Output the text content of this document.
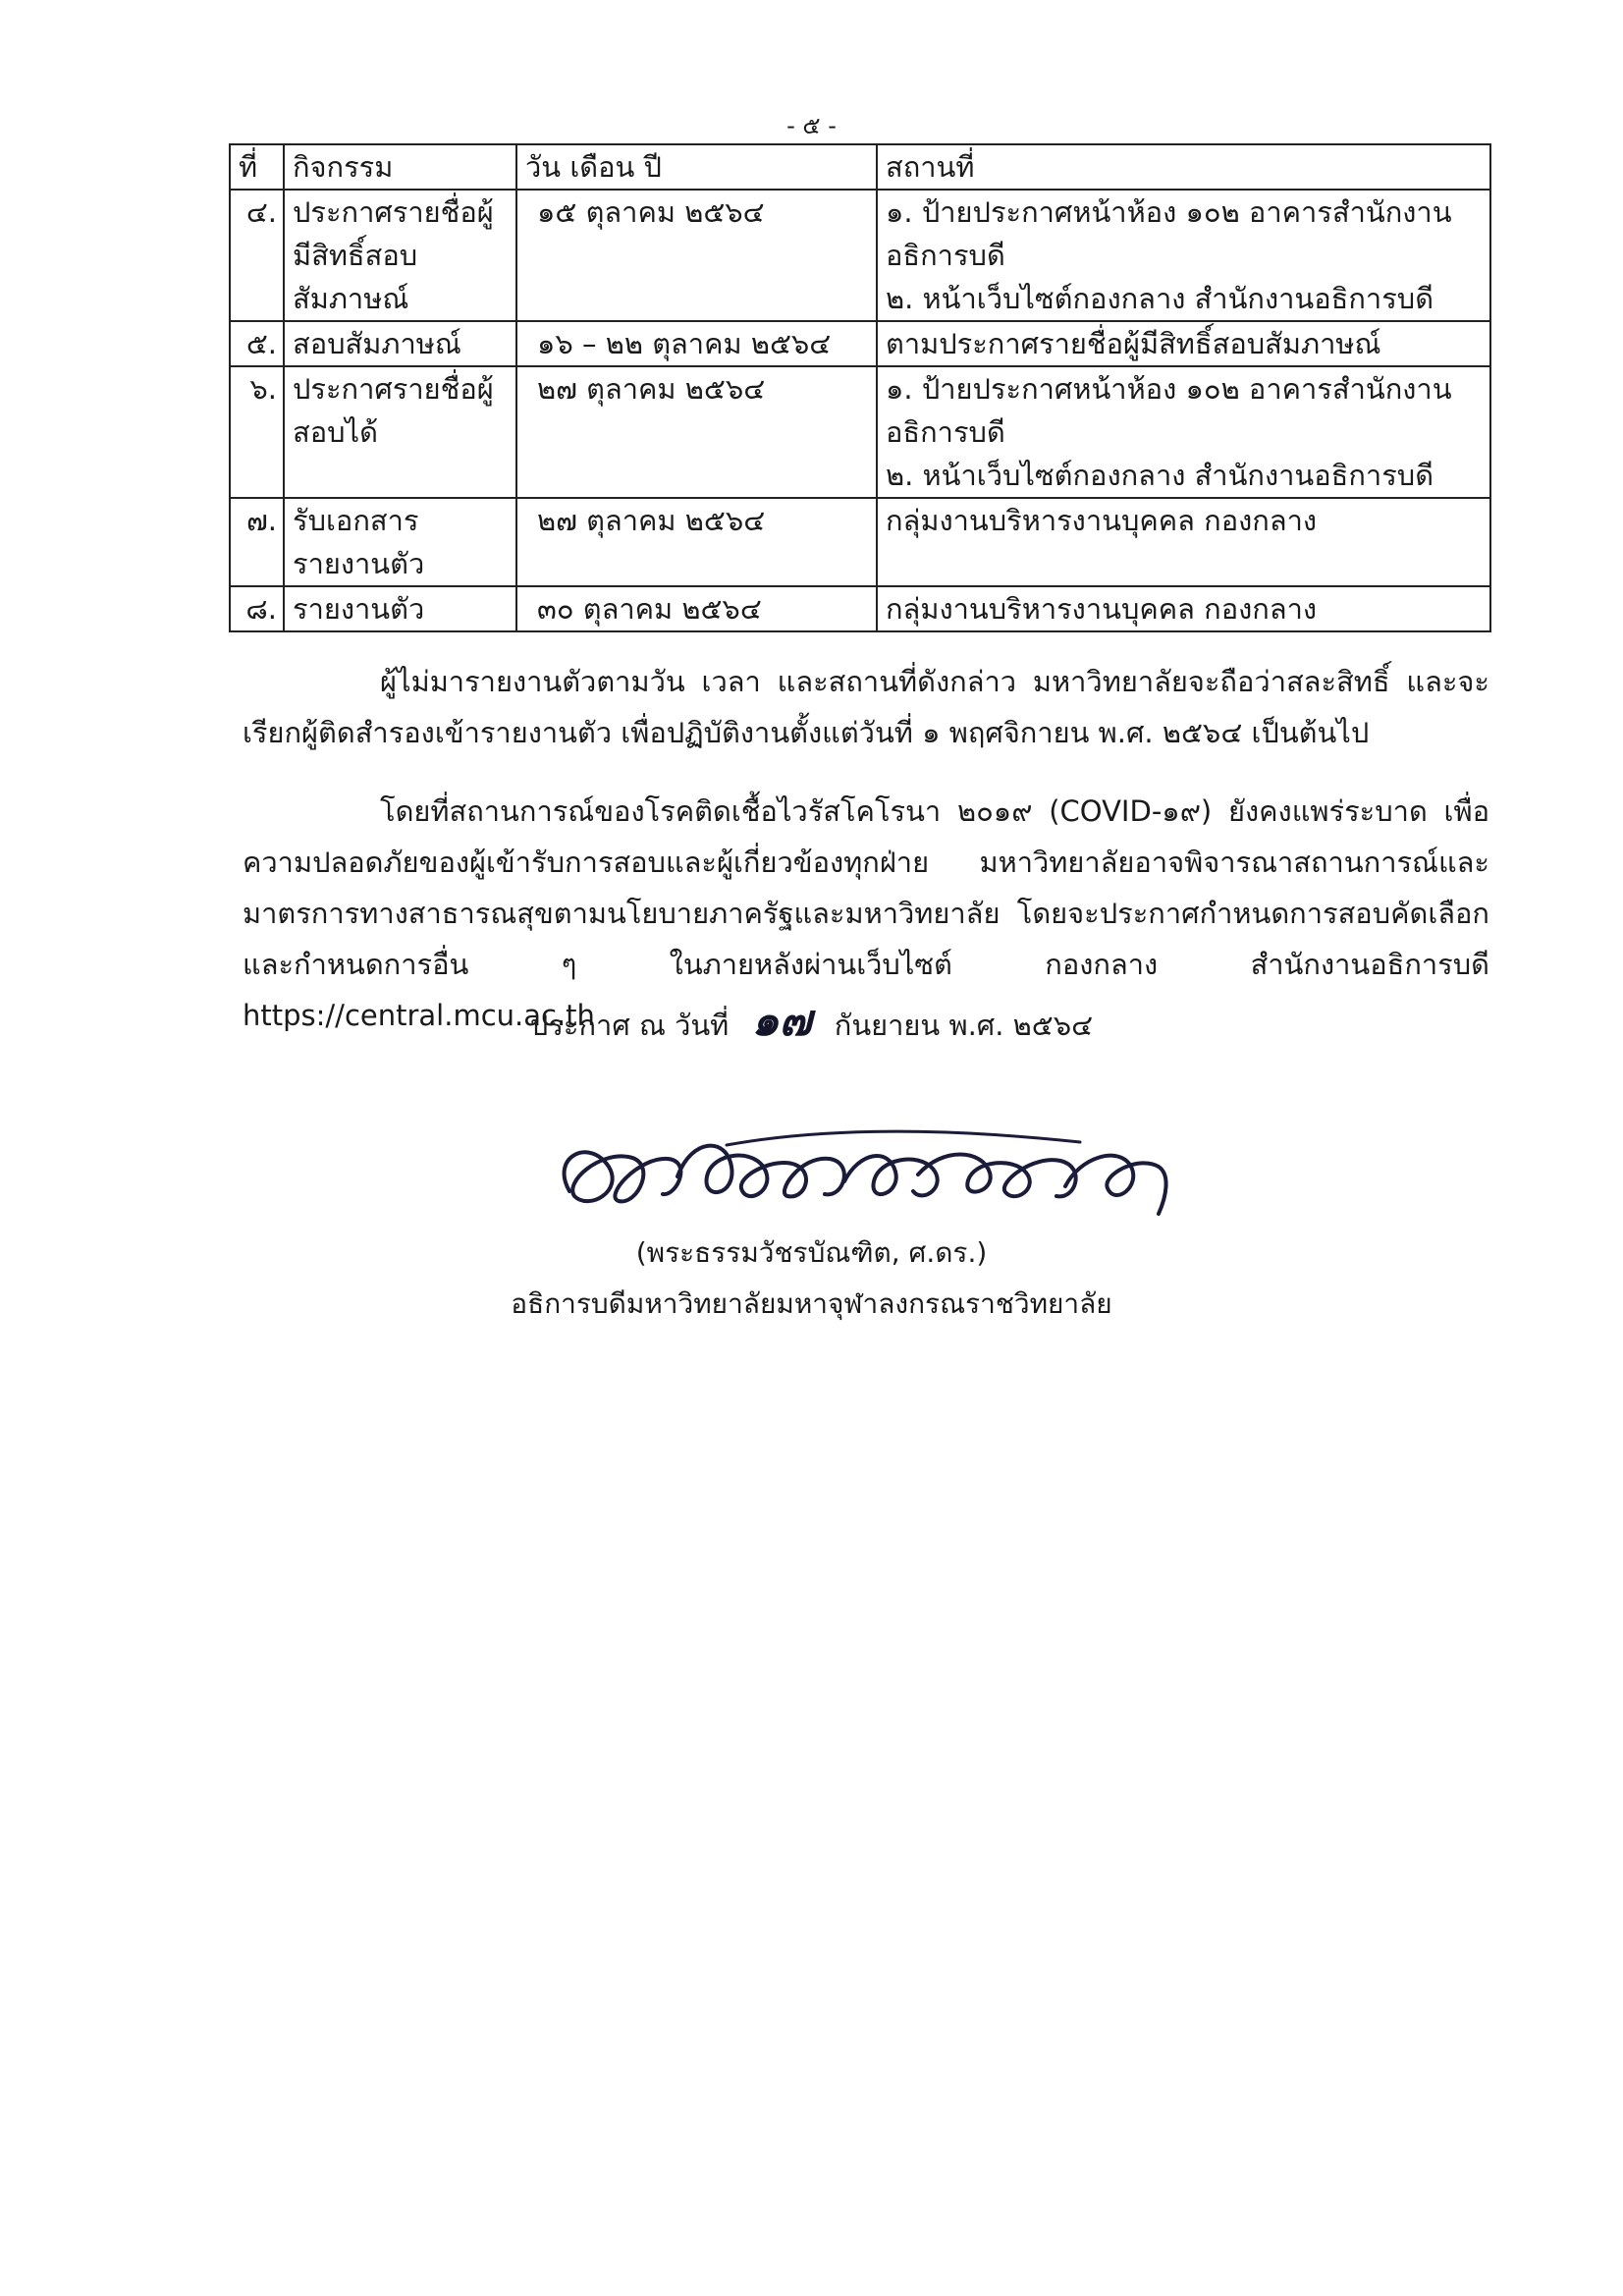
- ๕ -
ที่	กิจกรรม	วัน เดือน ปี	สถานที่
๔.	ประกาศรายชื่อผู้มีสิทธิ์สอบสัมภาษณ์	๑๕ ตุลาคม ๒๕๖๔	๑. ป้ายประกาศหน้าห้อง ๑๐๒ อาคารสำนักงานอธิการบดี
๒. หน้าเว็บไซต์กองกลาง สำนักงานอธิการบดี

๕.	สอบสัมภาษณ์	๑๖ – ๒๒ ตุลาคม ๒๕๖๔	ตามประกาศรายชื่อผู้มีสิทธิ์สอบสัมภาษณ์

๖.	ประกาศรายชื่อผู้สอบได้	๒๗ ตุลาคม ๒๕๖๔	๑. ป้ายประกาศหน้าห้อง ๑๐๒ อาคารสำนักงานอธิการบดี
๒. หน้าเว็บไซต์กองกลาง สำนักงานอธิการบดี

๗.	รับเอกสารรายงานตัว	๒๗ ตุลาคม ๒๕๖๔	กลุ่มงานบริหารงานบุคคล กองกลาง

๘.	รายงานตัว	๓๐ ตุลาคม ๒๕๖๔	กลุ่มงานบริหารงานบุคคล กองกลาง
ผู้ไม่มารายงานตัวตามวัน เวลา และสถานที่ดังกล่าว มหาวิทยาลัยจะถือว่าสละสิทธิ์ และจะเรียกผู้ติดสำรองเข้ารายงานตัว เพื่อปฏิบัติงานตั้งแต่วันที่ ๑ พฤศจิกายน พ.ศ. ๒๕๖๔ เป็นต้นไป
โดยที่สถานการณ์ของโรคติดเชื้อไวรัสโคโรนา ๒๐๑๙ (COVID-๑๙) ยังคงแพร่ระบาด เพื่อความปลอดภัยของผู้เข้ารับการสอบและผู้เกี่ยวข้องทุกฝ่าย มหาวิทยาลัยอาจพิจารณาสถานการณ์และมาตรการทางสาธารณสุขตามนโยบายภาครัฐและมหาวิทยาลัย โดยจะประกาศกำหนดการสอบคัดเลือกและกำหนดการอื่น ๆ ในภายหลังผ่านเว็บไซต์ กองกลาง สำนักงานอธิการบดี https://central.mcu.ac.th
ประกาศ ณ วันที่ ๑๗ กันยายน พ.ศ. ๒๕๖๔
(พระธรรมวัชรบัณฑิต, ศ.ดร.)
อธิการบดีมหาวิทยาลัยมหาจุฬาลงกรณราชวิทยาลัย
